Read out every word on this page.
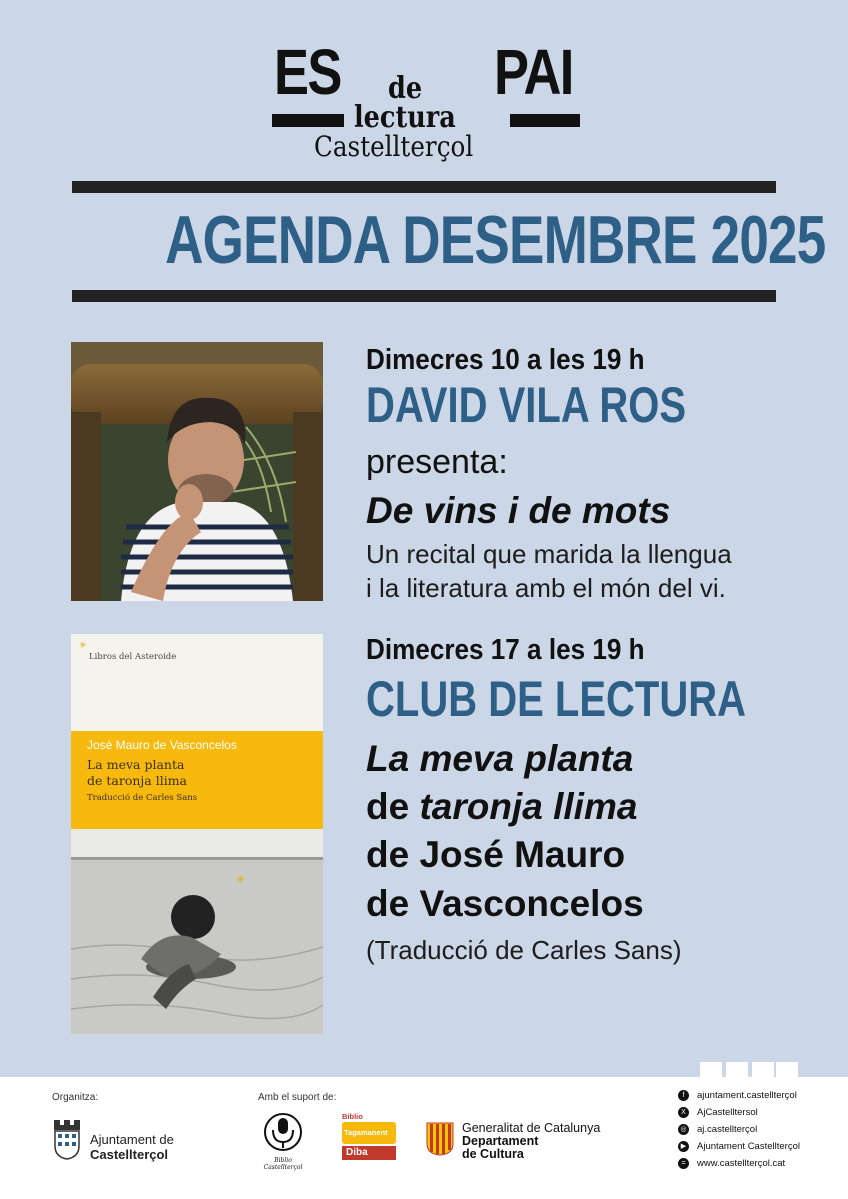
ES PAI
de
lectura
Castellterçol
AGENDA DESEMBRE 2025
Dimecres 10 a les 19 h
DAVID VILA ROS
presenta:
De vins i de mots
Un recital que marida la llengua
i la literatura amb el món del vi.
✳
Libros del Asteroide
José Mauro de Vasconcelos
La meva planta
de taronja llima
Traducció de Carles Sans
✳
Dimecres 17 a les 19 h
CLUB DE LECTURA
La meva planta
de taronja llima
de José Mauro
de Vasconcelos
(Traducció de Carles Sans)
Organitza:	Amb el suport de:
Ajuntament de
Castellterçol	Biblio Castellterçol
Biblio
Tagamanent
Diba
Generalitat de Catalunya
Departament
de Cultura
f	ajuntament.castellterçol
X	AjCastelltersol
◎ aj.castellterçol
▶ Ajuntament Castellterçol
=	www.castellterçol.cat
